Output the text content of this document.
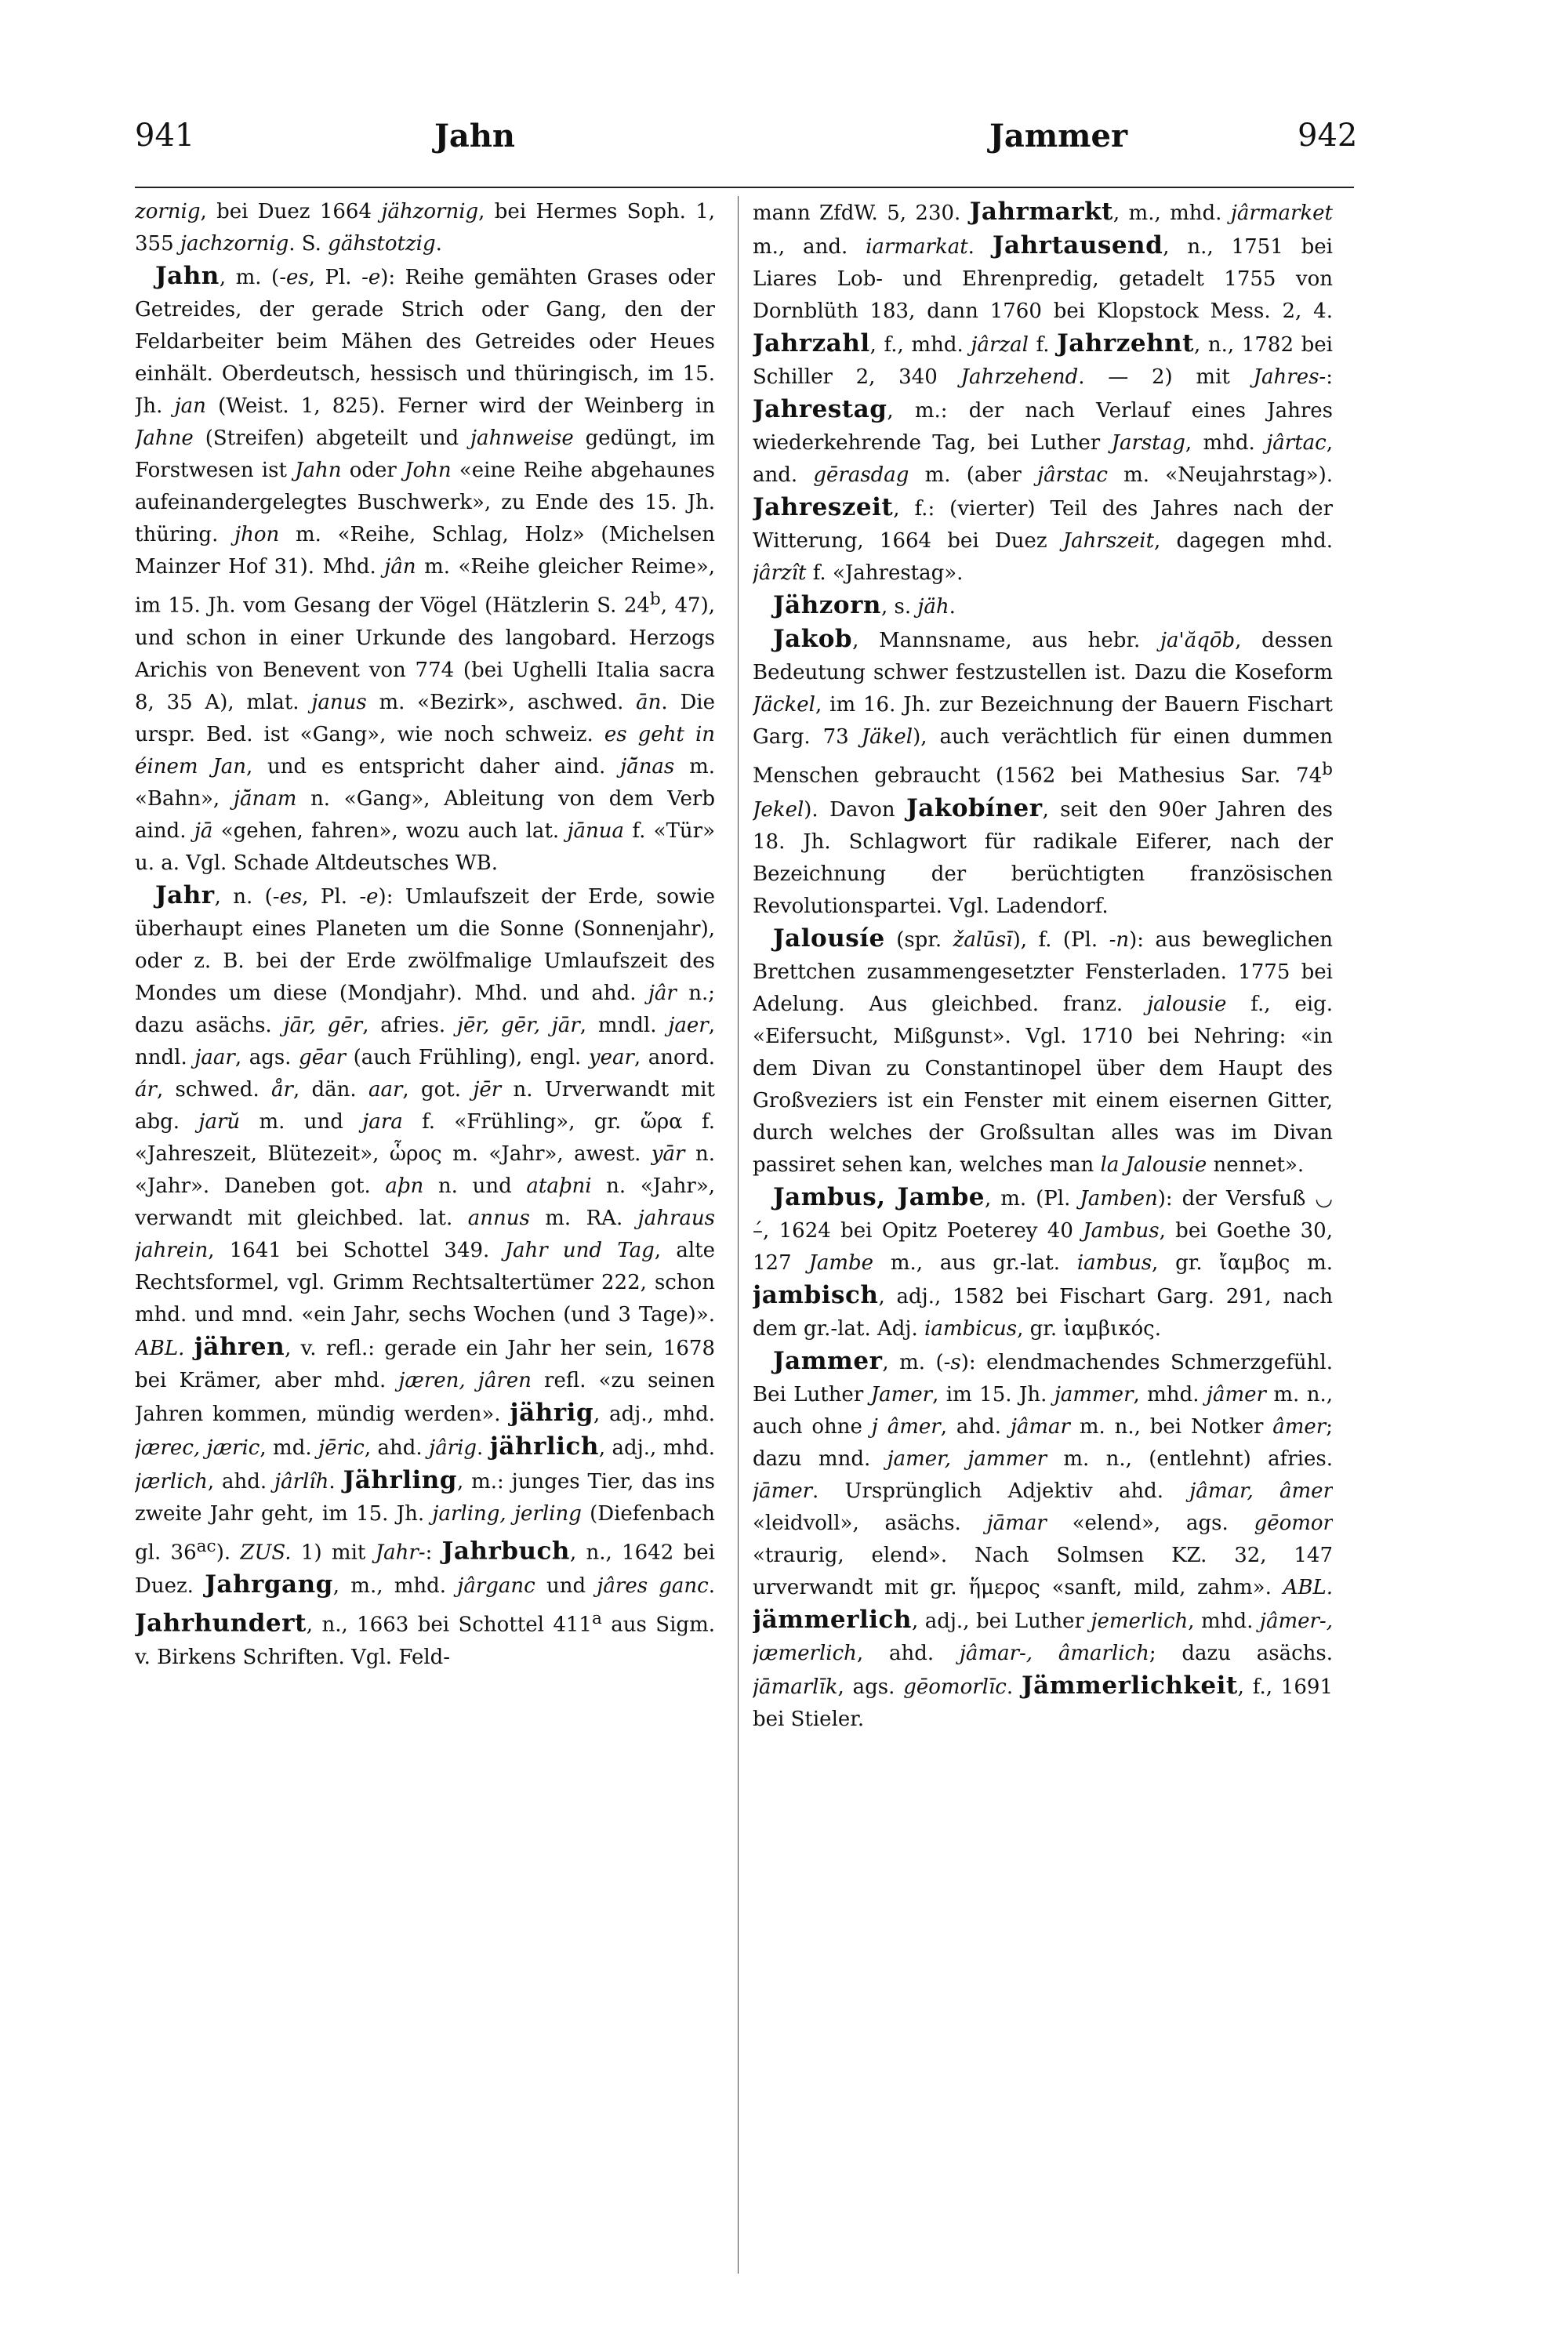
941	Jahn	Jammer	942

zornig, bei Duez 1664 jähzornig, bei Hermes Soph. 1, 355 jachzornig. S. gähstotzig.

Jahn, m. (-es, Pl. -e): Reihe gemähten Grases oder Getreides, der gerade Strich oder Gang, den der Feldarbeiter beim Mähen des Getreides oder Heues einhält. Oberdeutsch, hessisch und thüringisch, im 15. Jh. jan (Weist. 1, 825). Ferner wird der Weinberg in Jahne (Streifen) abgeteilt und jahnweise gedüngt, im Forstwesen ist Jahn oder John «eine Reihe abgehaunes aufeinandergelegtes Buschwerk», zu Ende des 15. Jh. thüring. jhon m. «Reihe, Schlag, Holz» (Michelsen Mainzer Hof 31). Mhd. jân m. «Reihe gleicher Reime», im 15. Jh. vom Gesang der Vögel (Hätzlerin S. 24$^b$, 47), und schon in einer Urkunde des langobard. Herzogs Arichis von Benevent von 774 (bei Ughelli Italia sacra 8, 35 A), mlat. janus m. «Bezirk», aschwed. ān. Die urspr. Bed. ist «Gang», wie noch schweiz. es geht in éinem Jan, und es entspricht daher aind. jā̆nas m. «Bahn», jā̆nam n. «Gang», Ableitung von dem Verb aind. jā «gehen, fahren», wozu auch lat. jānua f. «Tür» u. a. Vgl. Schade Altdeutsches WB.

Jahr, n. (-es, Pl. -e): Umlaufszeit der Erde, sowie überhaupt eines Planeten um die Sonne (Sonnenjahr), oder z. B. bei der Erde zwölfmalige Umlaufszeit des Mondes um diese (Mondjahr). Mhd. und ahd. jâr n.; dazu asächs. jār, gēr, afries. jēr, gēr, jār, mndl. jaer, nndl. jaar, ags. gēar (auch Frühling), engl. year, anord. ár, schwed. år, dän. aar, got. jēr n. Urverwandt mit abg. jarŭ m. und jara f. «Frühling», gr. ὥρα f. «Jahreszeit, Blütezeit», ὧρος m. «Jahr», awest. yār n. «Jahr». Daneben got. aþn n. und ataþni n. «Jahr», verwandt mit gleichbed. lat. annus m. RA. jahraus jahrein, 1641 bei Schottel 349. Jahr und Tag, alte Rechtsformel, vgl. Grimm Rechtsaltertümer 222, schon mhd. und mnd. «ein Jahr, sechs Wochen (und 3 Tage)». ABL. jähren, v. refl.: gerade ein Jahr her sein, 1678 bei Krämer, aber mhd. jæren, jâren refl. «zu seinen Jahren kommen, mündig werden». jährig, adj., mhd. jærec, jæric, md. jēric, ahd. jârig. jährlich, adj., mhd. jærlich, ahd. jârlîh. Jährling, m.: junges Tier, das ins zweite Jahr geht, im 15. Jh. jarling, jerling (Diefenbach gl. $36^{ac}$). ZUS. 1) mit Jahr-: Jahrbuch, n., 1642 bei Duez. Jahrgang, m., mhd. jârganc und jâres ganc. Jahrhundert, n., 1663 bei Schottel 411$^a$ aus Sigm. v. Birkens Schriften. Vgl. Feld-

mann ZfdW. 5, 230. Jahrmarkt, m., mhd. jârmarket m., and. iarmarkat. Jahrtausend, n., 1751 bei Liares Lob- und Ehrenpredig, getadelt 1755 von Dornblüth 183, dann 1760 bei Klopstock Mess. 2, 4. Jahrzahl, f., mhd. jârzal f. Jahrzehnt, n., 1782 bei Schiller 2, 340 Jahrzehend. — 2) mit Jahres-: Jahrestag, m.: der nach Verlauf eines Jahres wiederkehrende Tag, bei Luther Jarstag, mhd. jârtac, and. gērasdag m. (aber jârstac m. «Neujahrstag»). Jahreszeit, f.: (vierter) Teil des Jahres nach der Witterung, 1664 bei Duez Jahrszeit, dagegen mhd. jârzît f. «Jahrestag».

Jähzorn, s. jäh.

Jakob, Mannsname, aus hebr. ja'ăqōb, dessen Bedeutung schwer festzustellen ist. Dazu die Koseform Jäckel, im 16. Jh. zur Bezeichnung der Bauern Fischart Garg. 73 Jäkel), auch verächtlich für einen dummen Menschen gebraucht (1562 bei Mathesius Sar. 74$^b$ Jekel). Davon Jakobíner, seit den 90er Jahren des 18. Jh. Schlagwort für radikale Eiferer, nach der Bezeichnung der berüchtigten französischen Revolutionspartei. Vgl. Ladendorf.

Jalousíe (spr. žalūsī), f. (Pl. -n): aus beweglichen Brettchen zusammengesetzter Fensterladen. 1775 bei Adelung. Aus gleichbed. franz. jalousie f., eig. «Eifersucht, Mißgunst». Vgl. 1710 bei Nehring: «in dem Divan zu Constantinopel über dem Haupt des Großveziers ist ein Fenster mit einem eisernen Gitter, durch welches der Großsultan alles was im Divan passiret sehen kan, welches man la Jalousie nennet».

Jambus, Jambe, m. (Pl. Jamben): der Versfuß ◡ –́, 1624 bei Opitz Poeterey 40 Jambus, bei Goethe 30, 127 Jambe m., aus gr.-lat. iambus, gr. ἴαμβος m. jambisch, adj., 1582 bei Fischart Garg. 291, nach dem gr.-lat. Adj. iambicus, gr. ἰαμβικός.

Jammer, m. (-s): elendmachendes Schmerzgefühl. Bei Luther Jamer, im 15. Jh. jammer, mhd. jâmer m. n., auch ohne j âmer, ahd. jâmar m. n., bei Notker âmer; dazu mnd. jamer, jammer m. n., (entlehnt) afries. jāmer. Ursprünglich Adjektiv ahd. jâmar, âmer «leidvoll», asächs. jāmar «elend», ags. gēomor «traurig, elend». Nach Solmsen KZ. 32, 147 urverwandt mit gr. ἥμερος «sanft, mild, zahm». ABL. jämmerlich, adj., bei Luther jemerlich, mhd. jâmer-, jæmerlich, ahd. jâmar-, âmarlich; dazu asächs. jāmarlīk, ags. gēomorlīc. Jämmerlichkeit, f., 1691 bei Stieler.
